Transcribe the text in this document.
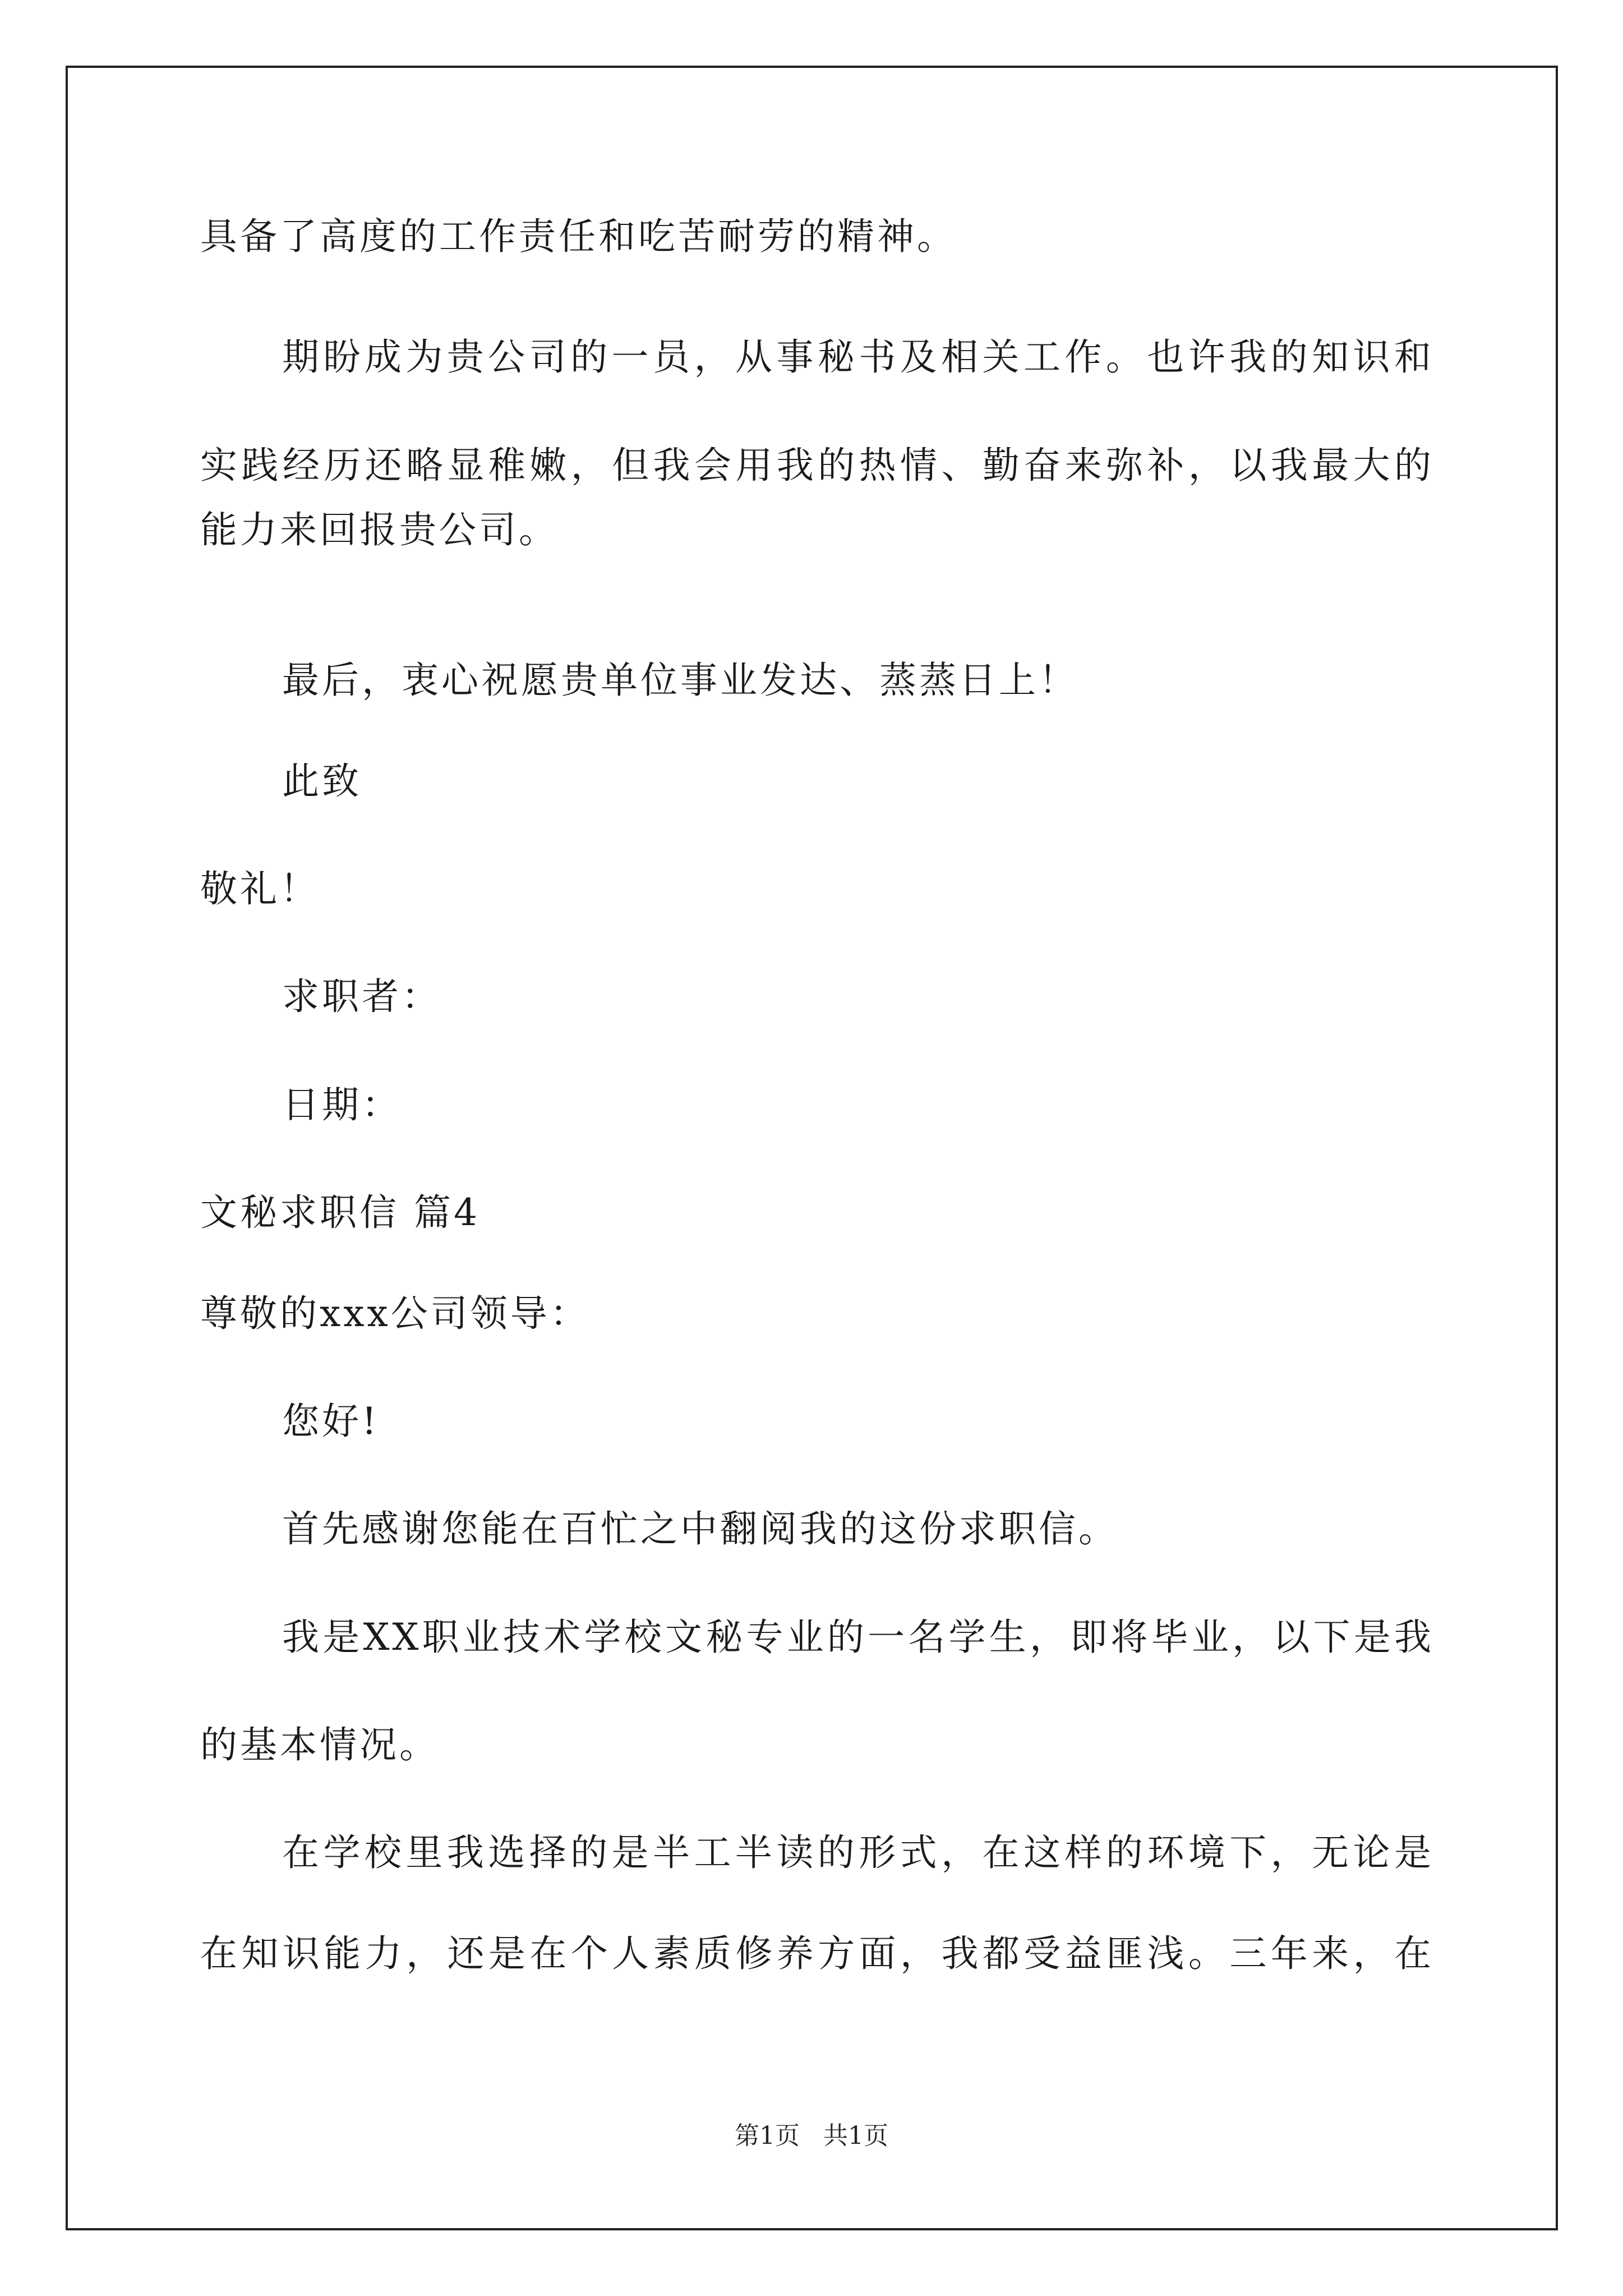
具备了高度的工作责任和吃苦耐劳的精神。
期盼成为贵公司的一员，从事秘书及相关工作。也许我的知识和
实践经历还略显稚嫩，但我会用我的热情、勤奋来弥补，以我最大的
能力来回报贵公司。
最后，衷心祝愿贵单位事业发达、蒸蒸日上！
此致
敬礼！
求职者：
日期：
文秘求职信 篇4
尊敬的xxx公司领导：
您好!
首先感谢您能在百忙之中翻阅我的这份求职信。
我是XX职业技术学校文秘专业的一名学生，即将毕业，以下是我
的基本情况。
在学校里我选择的是半工半读的形式，在这样的环境下，无论是
在知识能力，还是在个人素质修养方面，我都受益匪浅。三年来，在
第1页 共1页
